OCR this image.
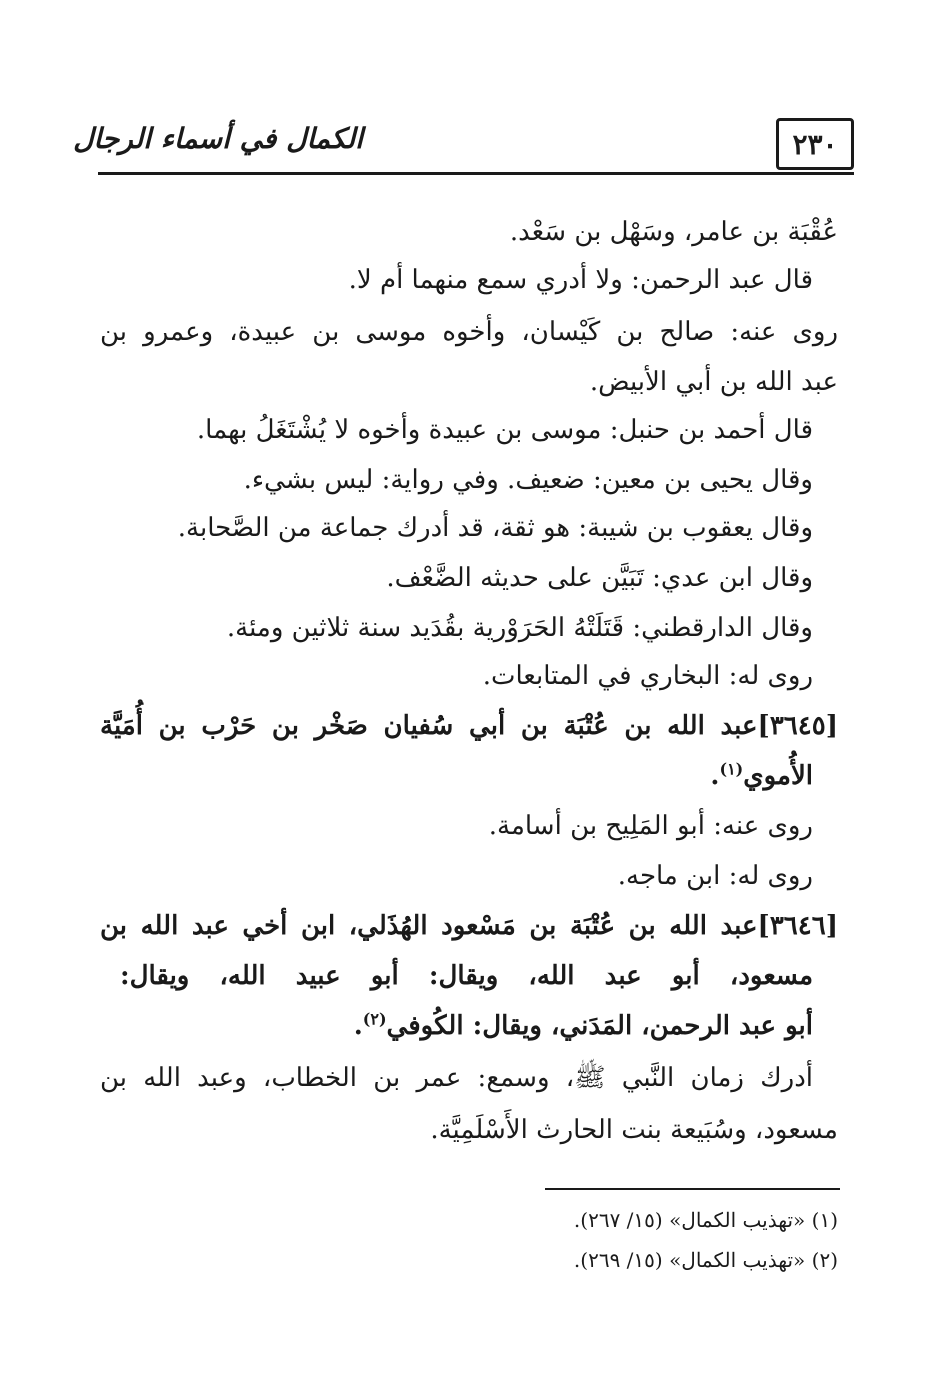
٢٣٠
الكمال في أسماء الرجال
عُقْبَة بن عامر، وسَهْل بن سَعْد.
قال عبد الرحمن: ولا أدري سمع منهما أم لا.
روى عنه: صالح بن كَيْسان، وأخوه موسى بن عبيدة، وعمرو بن
عبد الله بن أبي الأبيض.
قال أحمد بن حنبل: موسى بن عبيدة وأخوه لا يُشْتَغَلُ بهما.
وقال يحيى بن معين: ضعيف. وفي رواية: ليس بشيء.
وقال يعقوب بن شيبة: هو ثقة، قد أدرك جماعة من الصَّحابة.
وقال ابن عدي: تَبَيَّن على حديثه الضَّعْف.
وقال الدارقطني: قَتَلَتْهُ الحَرَوْرية بقُدَيد سنة ثلاثين ومئة.
روى له: البخاري في المتابعات.
[٣٦٤٥]عبد الله بن عُتْبَة بن أبي سُفيان صَخْر بن حَرْب بن أُمَيَّة
الأُموي$^{(١)}$.
روى عنه: أبو المَلِيح بن أسامة.
روى له: ابن ماجه.
[٣٦٤٦]عبد الله بن عُتْبَة بن مَسْعود الهُذَلي، ابن أخي عبد الله بن
مسعود، أبو عبد الله، ويقال: أبو عبيد الله، ويقال:
أبو عبد الرحمن، المَدَني، ويقال: الكُوفي$^{(٢)}$.
أدرك زمان النَّبي ﷺ، وسمع: عمر بن الخطاب، وعبد الله بن
مسعود، وسُبَيعة بنت الحارث الأَسْلَمِيَّة.
(١) «تهذيب الكمال» (١٥/ ٢٦٧).
(٢) «تهذيب الكمال» (١٥/ ٢٦٩).
